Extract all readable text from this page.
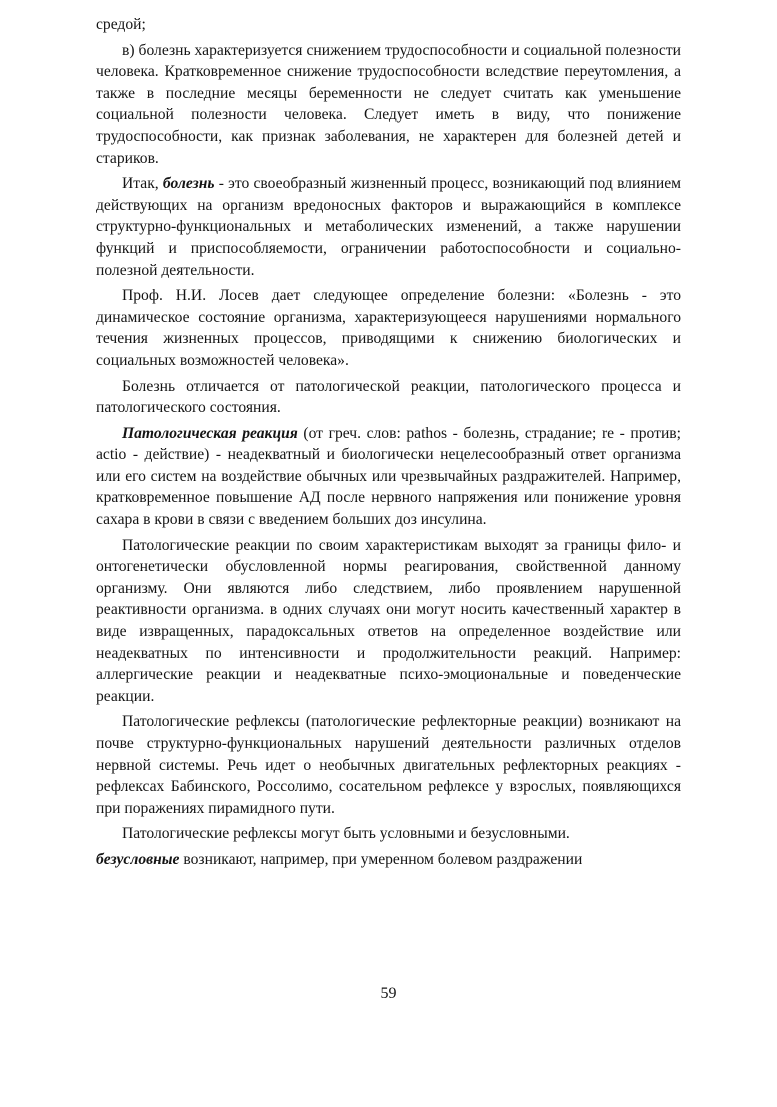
средой;

в) болезнь характеризуется снижением трудоспособности и социальной полезности человека. Кратковременное снижение трудоспособности вследствие переутомления, а также в последние месяцы беременности не следует считать как уменьшение социальной полезности человека. Следует иметь в виду, что понижение трудоспособности, как признак заболевания, не характерен для болезней детей и стариков.

Итак, болезнь - это своеобразный жизненный процесс, возникающий под влиянием действующих на организм вредоносных факторов и выражающийся в комплексе структурно-функциональных и метаболических изменений, а также нарушении функций и приспособляемости, ограничении работоспособности и социально-полезной деятельности.

Проф. Н.И. Лосев дает следующее определение болезни: «Болезнь - это динамическое состояние организма, характеризующееся нарушениями нормального течения жизненных процессов, приводящими к снижению биологических и социальных возможностей человека».

Болезнь отличается от патологической реакции, патологического процесса и патологического состояния.

Патологическая реакция (от греч. слов: pathos - болезнь, страдание; re - против; actio - действие) - неадекватный и биологически нецелесообразный ответ организма или его систем на воздействие обычных или чрезвычайных раздражителей. Например, кратковременное повышение АД после нервного напряжения или понижение уровня сахара в крови в связи с введением больших доз инсулина.

Патологические реакции по своим характеристикам выходят за границы фило- и онтогенетически обусловленной нормы реагирования, свойственной данному организму. Они являются либо следствием, либо проявлением нарушенной реактивности организма. в одних случаях они могут носить качественный характер в виде извращенных, парадоксальных ответов на определенное воздействие или неадекватных по интенсивности и продолжительности реакций. Например: аллергические реакции и неадекватные психо-эмоциональные и поведенческие реакции.

Патологические рефлексы (патологические рефлекторные реакции) возникают на почве структурно-функциональных нарушений деятельности различных отделов нервной системы. Речь идет о необычных двигательных рефлекторных реакциях - рефлексах Бабинского, Россолимо, сосательном рефлексе у взрослых, появляющихся при поражениях пирамидного пути.

Патологические рефлексы могут быть условными и безусловными.

безусловные возникают, например, при умеренном болевом раздражении

59
